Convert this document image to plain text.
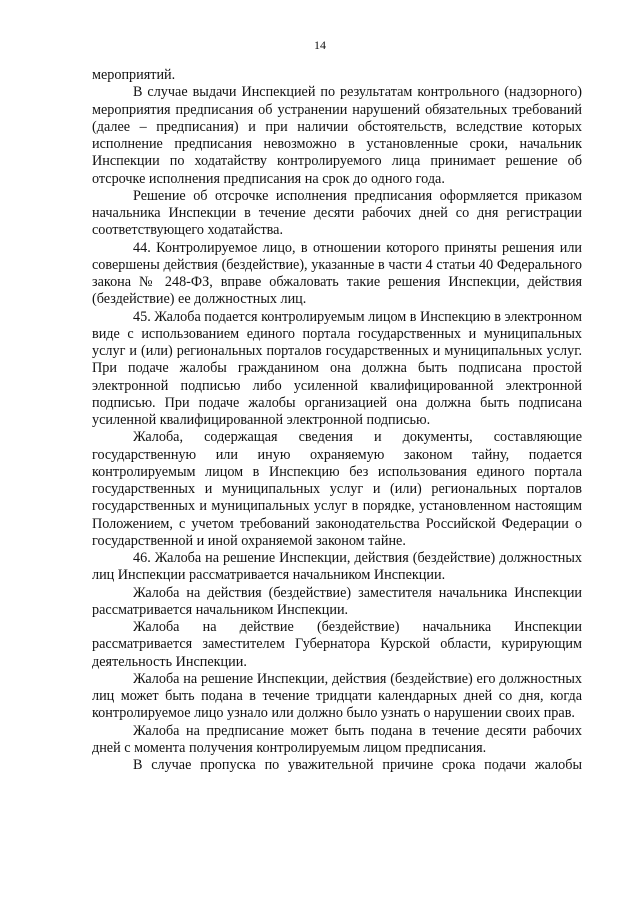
14

мероприятий.

В случае выдачи Инспекцией по результатам контрольного (надзорного) мероприятия предписания об устранении нарушений обязательных требований (далее – предписания) и при наличии обстоятельств, вследствие которых исполнение предписания невозможно в установленные сроки, начальник Инспекции по ходатайству контролируемого лица принимает решение об отсрочке исполнения предписания на срок до одного года.

Решение об отсрочке исполнения предписания оформляется приказом начальника Инспекции в течение десяти рабочих дней со дня регистрации соответствующего ходатайства.

44. Контролируемое лицо, в отношении которого приняты решения или совершены действия (бездействие), указанные в части 4 статьи 40 Федерального закона № 248-ФЗ, вправе обжаловать такие решения Инспекции, действия (бездействие) ее должностных лиц.

45. Жалоба подается контролируемым лицом в Инспекцию в электронном виде с использованием единого портала государственных и муниципальных услуг и (или) региональных порталов государственных и муниципальных услуг. При подаче жалобы гражданином она должна быть подписана простой электронной подписью либо усиленной квалифицированной электронной подписью. При подаче жалобы организацией она должна быть подписана усиленной квалифицированной электронной подписью.

Жалоба, содержащая сведения и документы, составляющие государственную или иную охраняемую законом тайну, подается контролируемым лицом в Инспекцию без использования единого портала государственных и муниципальных услуг и (или) региональных порталов государственных и муниципальных услуг в порядке, установленном настоящим Положением, с учетом требований законодательства Российской Федерации о государственной и иной охраняемой законом тайне.

46. Жалоба на решение Инспекции, действия (бездействие) должностных лиц Инспекции рассматривается начальником Инспекции.

Жалоба на действия (бездействие) заместителя начальника Инспекции рассматривается начальником Инспекции.

Жалоба на действие (бездействие) начальника Инспекции рассматривается заместителем Губернатора Курской области, курирующим деятельность Инспекции.

Жалоба на решение Инспекции, действия (бездействие) его должностных лиц может быть подана в течение тридцати календарных дней со дня, когда контролируемое лицо узнало или должно было узнать о нарушении своих прав.

Жалоба на предписание может быть подана в течение десяти рабочих дней с момента получения контролируемым лицом предписания.

В случае пропуска по уважительной причине срока подачи жалобы
